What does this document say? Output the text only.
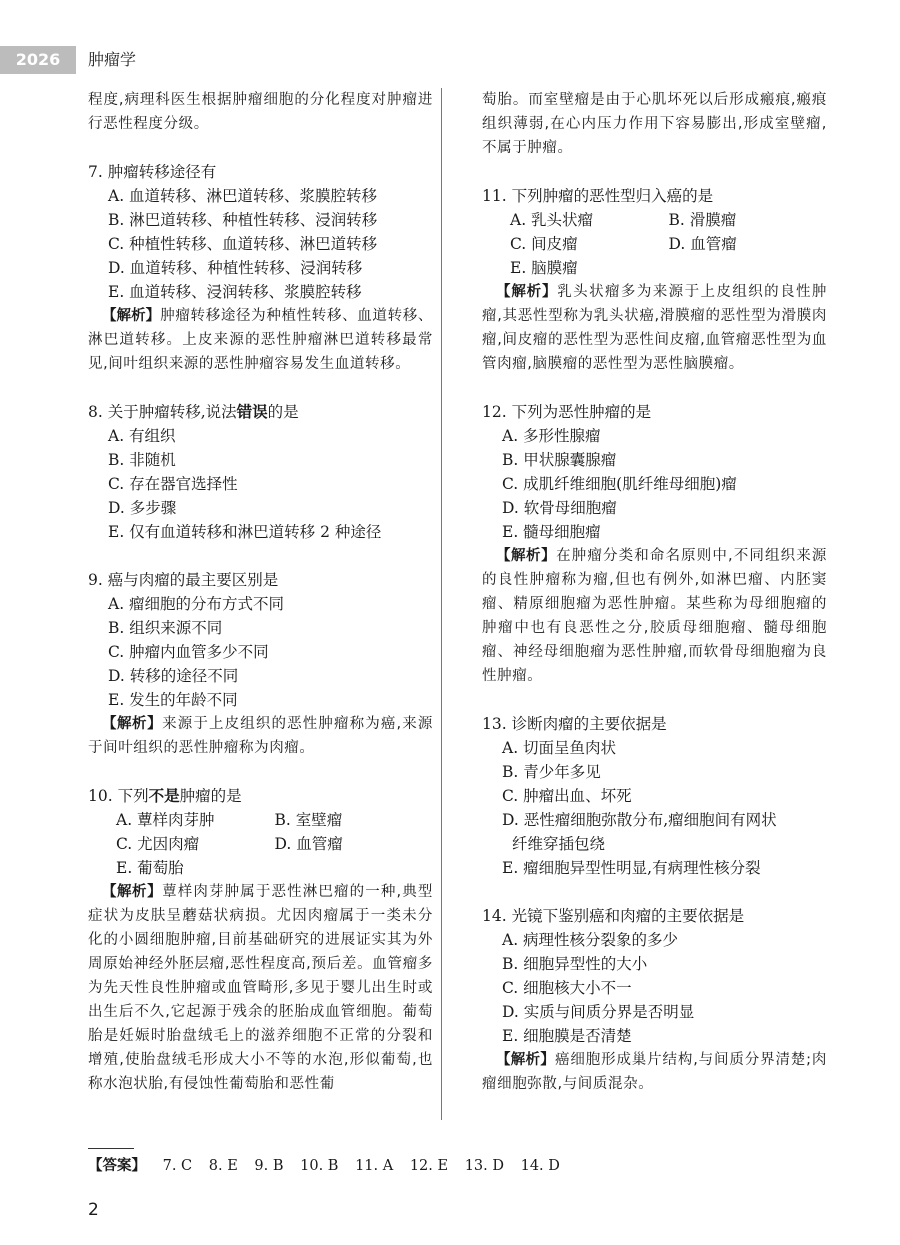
2026	肿瘤学

程度,病理科医生根据肿瘤细胞的分化程度对肿瘤进行恶性程度分级。

7. 肿瘤转移途径有

A. 血道转移、淋巴道转移、浆膜腔转移

B. 淋巴道转移、种植性转移、浸润转移

C. 种植性转移、血道转移、淋巴道转移

D. 血道转移、种植性转移、浸润转移

E. 血道转移、浸润转移、浆膜腔转移

【解析】肿瘤转移途径为种植性转移、血道转移、淋巴道转移。上皮来源的恶性肿瘤淋巴道转移最常见,间叶组织来源的恶性肿瘤容易发生血道转移。

8. 关于肿瘤转移,说法错误的是

A. 有组织

B. 非随机

C. 存在器官选择性

D. 多步骤

E. 仅有血道转移和淋巴道转移 2 种途径

9. 癌与肉瘤的最主要区别是

A. 瘤细胞的分布方式不同

B. 组织来源不同

C. 肿瘤内血管多少不同

D. 转移的途径不同

E. 发生的年龄不同

【解析】来源于上皮组织的恶性肿瘤称为癌,来源于间叶组织的恶性肿瘤称为肉瘤。

10. 下列不是肿瘤的是

A. 蕈样肉芽肿	B. 室壁瘤
C. 尤因肉瘤	D. 血管瘤
E. 葡萄胎

【解析】蕈样肉芽肿属于恶性淋巴瘤的一种,典型症状为皮肤呈蘑菇状病损。尤因肉瘤属于一类未分化的小圆细胞肿瘤,目前基础研究的进展证实其为外周原始神经外胚层瘤,恶性程度高,预后差。血管瘤多为先天性良性肿瘤或血管畸形,多见于婴儿出生时或出生后不久,它起源于残余的胚胎成血管细胞。葡萄胎是妊娠时胎盘绒毛上的滋养细胞不正常的分裂和增殖,使胎盘绒毛形成大小不等的水泡,形似葡萄,也称水泡状胎,有侵蚀性葡萄胎和恶性葡

萄胎。而室壁瘤是由于心肌坏死以后形成瘢痕,瘢痕组织薄弱,在心内压力作用下容易膨出,形成室壁瘤,不属于肿瘤。

11. 下列肿瘤的恶性型归入癌的是

A. 乳头状瘤	B. 滑膜瘤
C. 间皮瘤	D. 血管瘤
E. 脑膜瘤

【解析】乳头状瘤多为来源于上皮组织的良性肿瘤,其恶性型称为乳头状癌,滑膜瘤的恶性型为滑膜肉瘤,间皮瘤的恶性型为恶性间皮瘤,血管瘤恶性型为血管肉瘤,脑膜瘤的恶性型为恶性脑膜瘤。

12. 下列为恶性肿瘤的是

A. 多形性腺瘤

B. 甲状腺囊腺瘤

C. 成肌纤维细胞(肌纤维母细胞)瘤

D. 软骨母细胞瘤

E. 髓母细胞瘤

【解析】在肿瘤分类和命名原则中,不同组织来源的良性肿瘤称为瘤,但也有例外,如淋巴瘤、内胚窦瘤、精原细胞瘤为恶性肿瘤。某些称为母细胞瘤的肿瘤中也有良恶性之分,胶质母细胞瘤、髓母细胞瘤、神经母细胞瘤为恶性肿瘤,而软骨母细胞瘤为良性肿瘤。

13. 诊断肉瘤的主要依据是

A. 切面呈鱼肉状

B. 青少年多见

C. 肿瘤出血、坏死

D. 恶性瘤细胞弥散分布,瘤细胞间有网状

纤维穿插包绕

E. 瘤细胞异型性明显,有病理性核分裂

14. 光镜下鉴别癌和肉瘤的主要依据是

A. 病理性核分裂象的多少

B. 细胞异型性的大小

C. 细胞核大小不一

D. 实质与间质分界是否明显

E. 细胞膜是否清楚

【解析】癌细胞形成巢片结构,与间质分界清楚;肉瘤细胞弥散,与间质混杂。

【答案】 7. C 8. E 9. B 10. B 11. A 12. E 13. D 14. D
2
